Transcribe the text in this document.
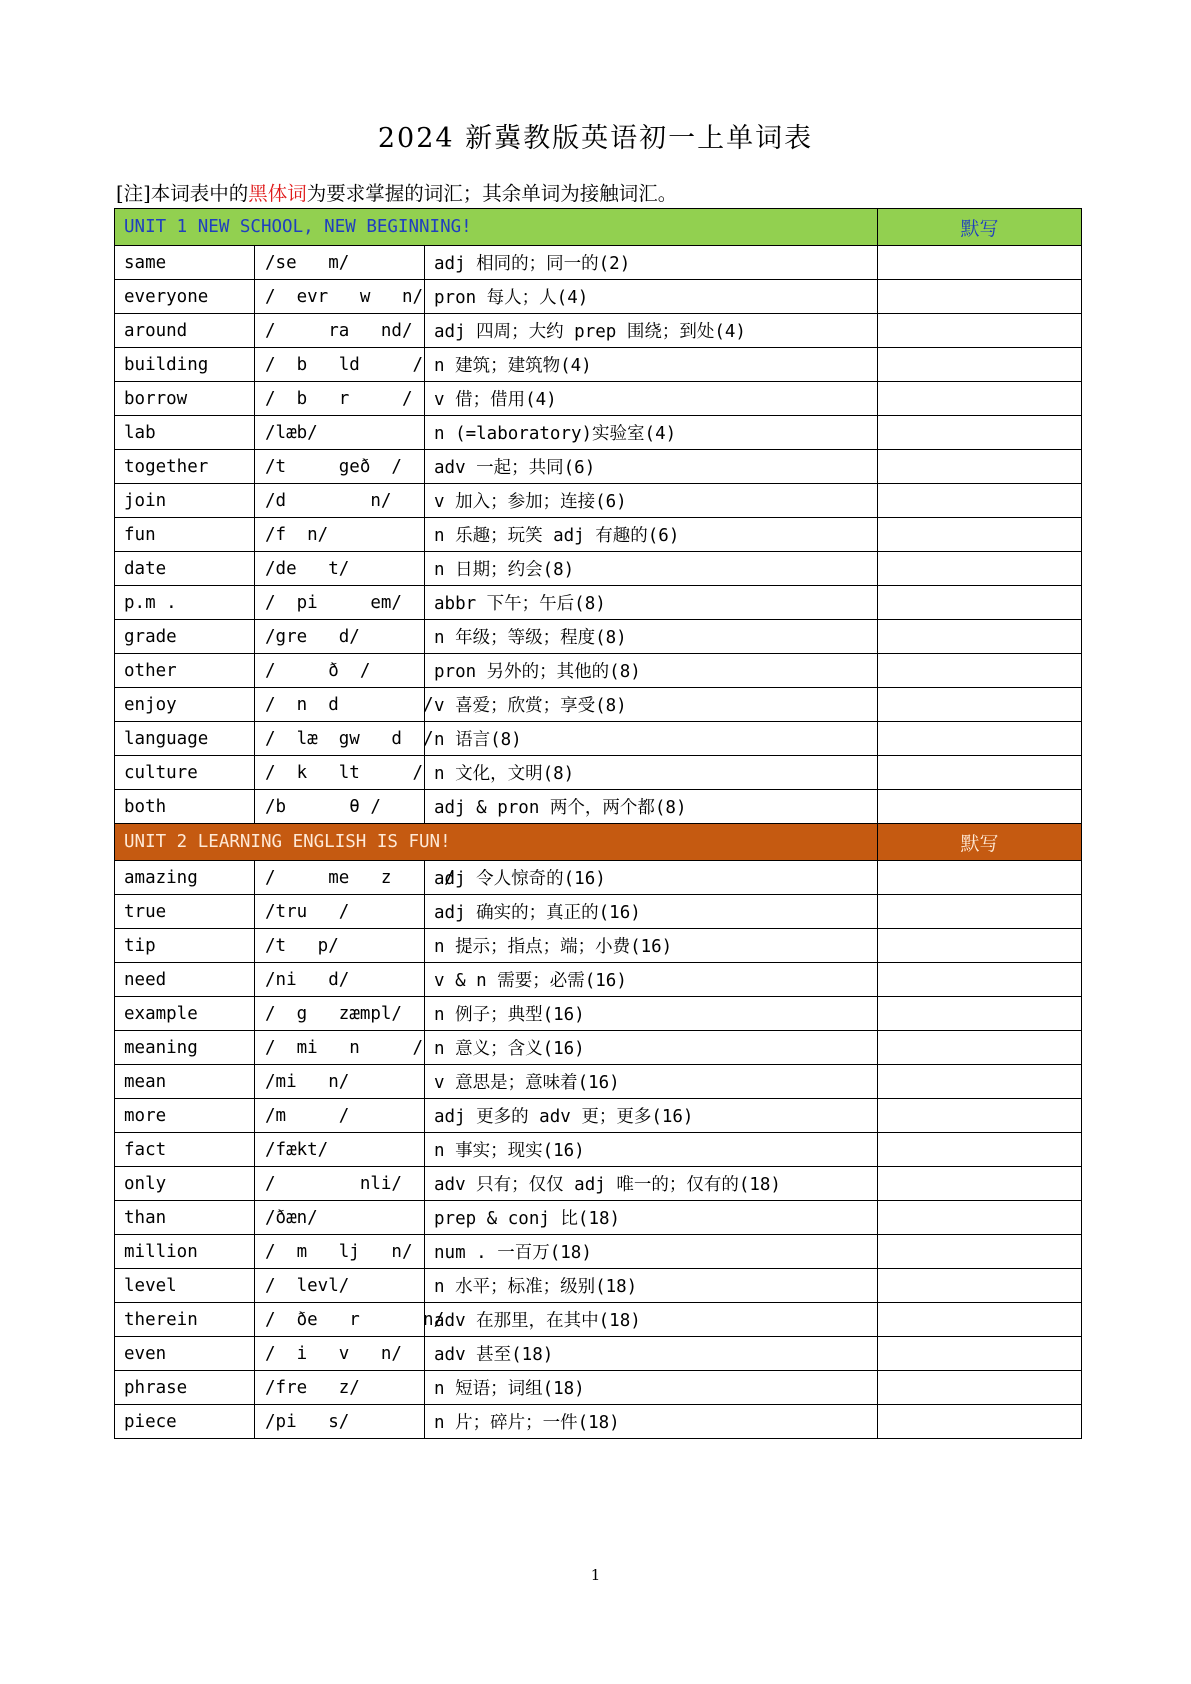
2024 新冀教版英语初一上单词表
[注]本词表中的黑体词为要求掌握的词汇；其余单词为接触词汇。
UNIT 1 NEW SCHOOL, NEW BEGINNING!			默写
same	/se   m/	adj 相同的；同一的(2)	
everyone	/  evr   w   n/	pron 每人；人(4)	
around	/     ra   nd/	adj 四周；大约 prep 围绕；到处(4)	
building	/  b   ld     /	n 建筑；建筑物(4)	
borrow	/  b   r     /	v 借；借用(4)	
lab	/læb/	n (=laboratory)实验室(4)	
together	/t     geð  /	adv 一起；共同(6)	
join	/d        n/	v 加入；参加；连接(6)	
fun	/f  n/	n 乐趣；玩笑 adj 有趣的(6)	
date	/de   t/	n 日期；约会(8)	
p.m .	/  pi     em/	abbr 下午；午后(8)	
grade	/gre   d/	n 年级；等级；程度(8)	
other	/     ð  /	pron 另外的；其他的(8)	
enjoy	/  n  d        /	v 喜爱；欣赏；享受(8)	
language	/  læ  gw   d  /	n 语言(8)	
culture	/  k   lt     /	n 文化，文明(8)	
both	/b      θ /	adj & pron 两个，两个都(8)	
UNIT 2 LEARNING ENGLISH IS FUN!			默写
amazing	/     me   z     /	adj 令人惊奇的(16)	
true	/tru   /	adj 确实的；真正的(16)	
tip	/t   p/	n 提示；指点；端；小费(16)	
need	/ni   d/	v & n 需要；必需(16)	
example	/  g   zæmpl/	n 例子；典型(16)	
meaning	/  mi   n     /	n 意义；含义(16)	
mean	/mi   n/	v 意思是；意味着(16)	
more	/m     /	adj 更多的 adv 更；更多(16)	
fact	/fækt/	n 事实；现实(16)	
only	/        nli/	adv 只有；仅仅 adj 唯一的；仅有的(18)	
than	/ðæn/	prep & conj 比(18)	
million	/  m   lj   n/	num . 一百万(18)	
level	/  levl/	n 水平；标准；级别(18)	
therein	/  ðe   r      n/	adv 在那里，在其中(18)	
even	/  i   v   n/	adv 甚至(18)	
phrase	/fre   z/	n 短语；词组(18)	
piece	/pi   s/	n 片；碎片；一件(18)	
1
